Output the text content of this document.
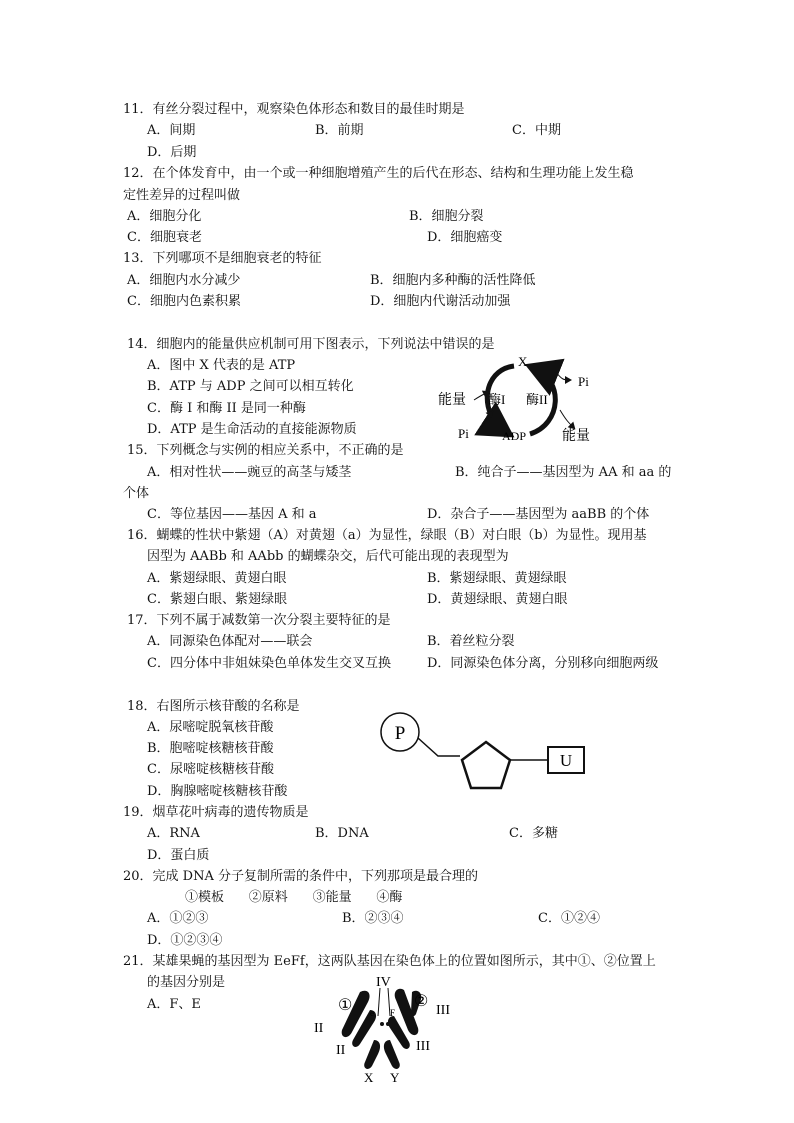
11．有丝分裂过程中，观察染色体形态和数目的最佳时期是
A．间期	B．前期	C．中期
D．后期
12．在个体发育中，由一个或一种细胞增殖产生的后代在形态、结构和生理功能上发生稳
定性差异的过程叫做
A．细胞分化	B．细胞分裂
C．细胞衰老	D．细胞癌变
13．下列哪项不是细胞衰老的特征
A．细胞内水分减少	B．细胞内多种酶的活性降低
C．细胞内色素积累	D．细胞内代谢活动加强
14．细胞内的能量供应机制可用下图表示，下列说法中错误的是
A．图中 X 代表的是 ATP
B．ATP 与 ADP 之间可以相互转化
C．酶 I 和酶 II 是同一种酶
D．ATP 是生命活动的直接能源物质
X
ADP
Pi
Pi
能量
能量
酶I 酶II
15．下列概念与实例的相应关系中，不正确的是
A．相对性状——豌豆的高茎与矮茎	B．纯合子——基因型为 AA 和 aa 的
个体
C．等位基因——基因 A 和 a	D．杂合子——基因型为 aaBB 的个体
16．蝴蝶的性状中紫翅（A）对黄翅（a）为显性，绿眼（B）对白眼（b）为显性。现用基
因型为 AABb 和 AAbb 的蝴蝶杂交，后代可能出现的表现型为
A．紫翅绿眼、黄翅白眼	B．紫翅绿眼、黄翅绿眼
C．紫翅白眼、紫翅绿眼	D．黄翅绿眼、黄翅白眼
17．下列不属于减数第一次分裂主要特征的是
A．同源染色体配对——联会	B．着丝粒分裂
C．四分体中非姐妹染色单体发生交叉互换	D．同源染色体分离，分别移向细胞两级
18．右图所示核苷酸的名称是
A．尿嘧啶脱氧核苷酸
B．胞嘧啶核糖核苷酸
C．尿嘧啶核糖核苷酸
D．胸腺嘧啶核糖核苷酸
P
U
19．烟草花叶病毒的遗传物质是
A．RNA	B．DNA	C．多糖
D．蛋白质
20．完成 DNA 分子复制所需的条件中，下列那项是最合理的
①模板      ②原料      ③能量      ④酶
A．①②③	B．②③④	C．①②④
D．①②③④
21．某雄果蝇的基因型为 EeFf，这两队基因在染色体上的位置如图所示，其中①、②位置上
的基因分别是
A．F、E	①	②
IV
II
II
III
III
e F
X Y
